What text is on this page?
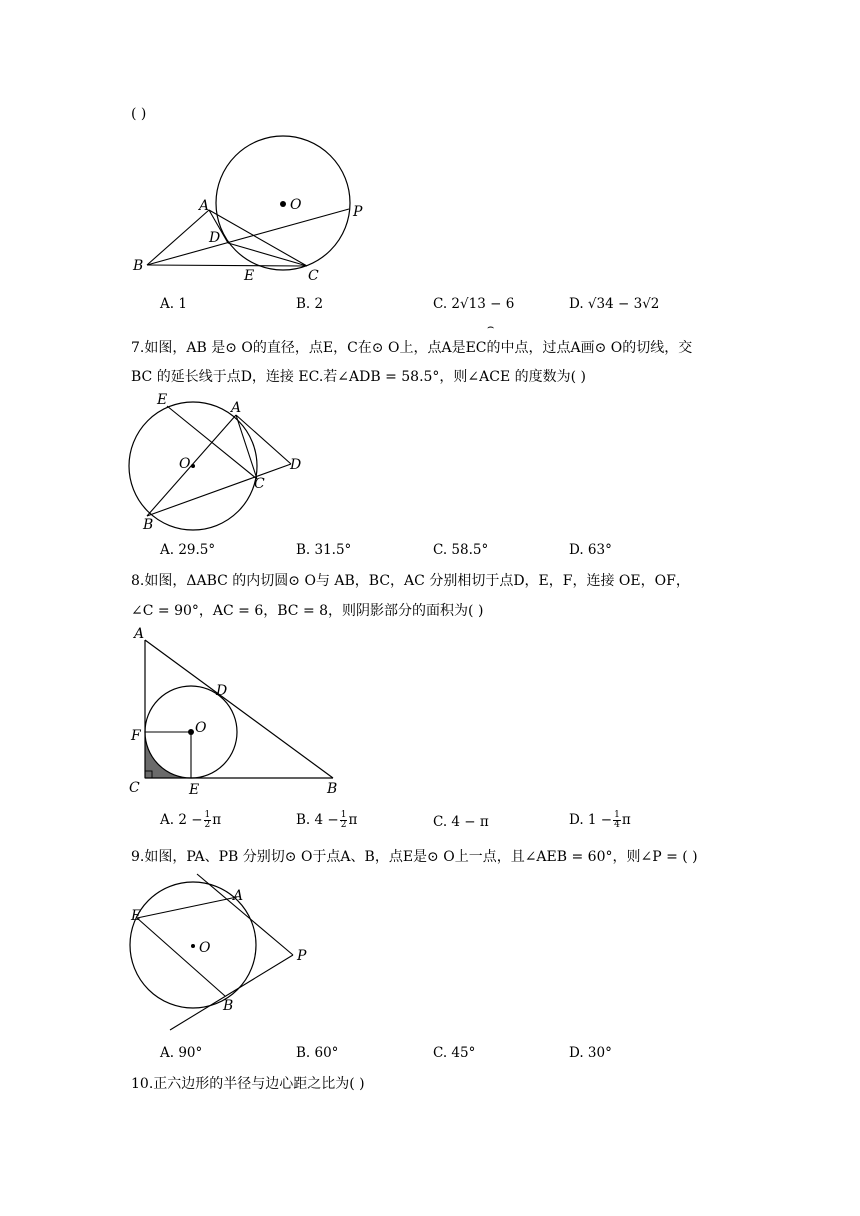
( )
A	O	P
D
B
E	C
A. 1	B. 2	C. 2√13 − 6	D. √34 − 3√2
⌢
7.如图，AB 是⊙ O的直径，点E，C在⊙ O上，点A是EC的中点，过点A画⊙ O的切线，交
BC 的延长线于点D，连接 EC.若∠ADB = 58.5°，则∠ACE 的度数为( )
E	A
O	D
C
B
A. 29.5°	B. 31.5°	C. 58.5°	D. 63°
8.如图，ΔABC 的内切圆⊙ O与 AB，BC，AC 分别相切于点D，E，F，连接 OE，OF，
∠C = 90°，AC = 6，BC = 8，则阴影部分的面积为( )
A
D
O
F
C	E	B
A. $2 - \frac{1}{2}$ π	B. $4 - \frac{1}{2}$ π	C. 4 − π	D. $1 - \frac{1}{4}$ π
9.如图，PA、PB 分别切⊙ O于点A、B，点E是⊙ O上一点，且∠AEB = 60°，则∠P = ( )
A
E
O	P
B
A. 90°	B. 60°	C. 45°	D. 30°
10.正六边形的半径与边心距之比为( )
